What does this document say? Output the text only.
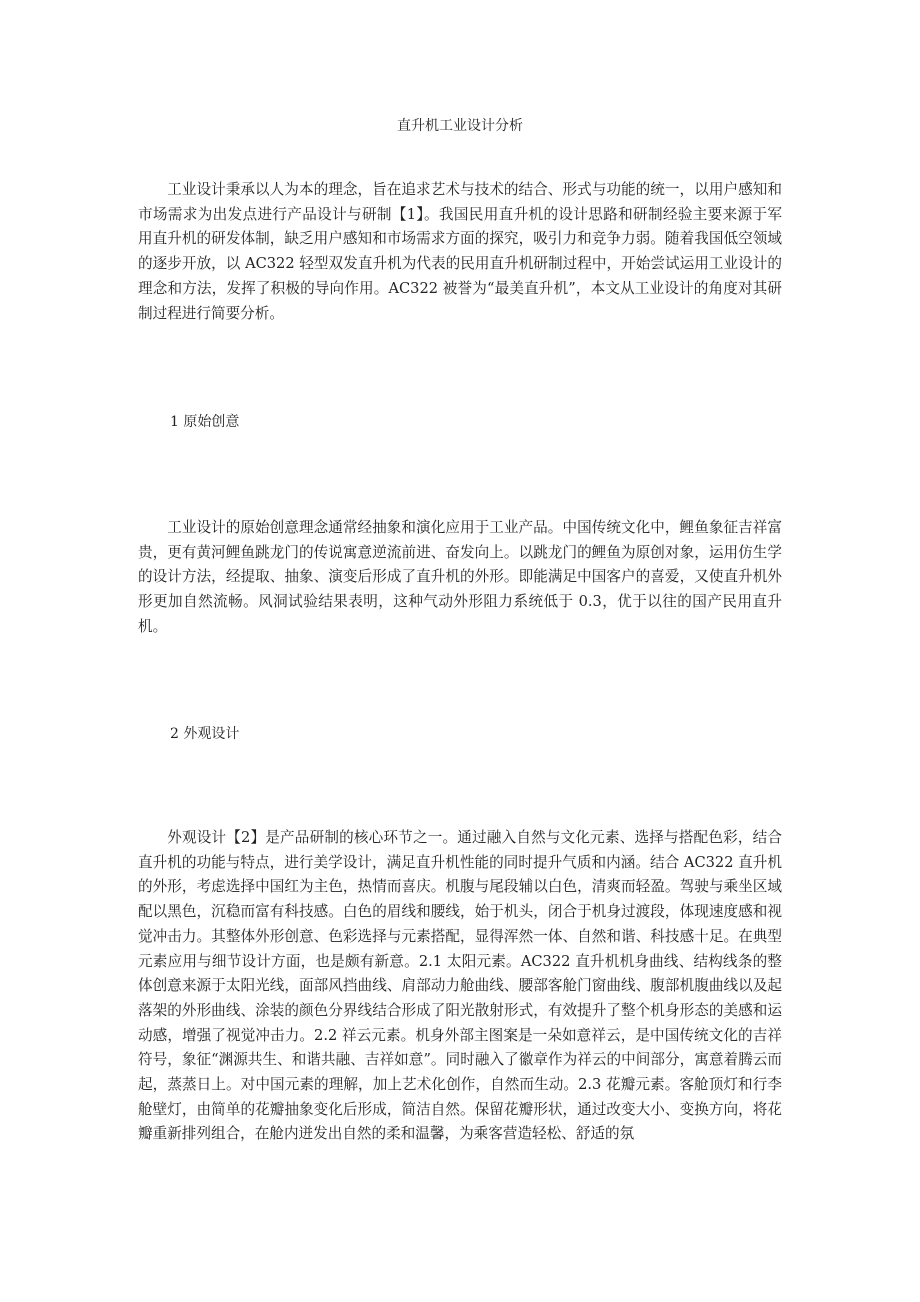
直升机工业设计分析

工业设计秉承以人为本的理念，旨在追求艺术与技术的结合、形式与功能的统一，以用户感知和市场需求为出发点进行产品设计与研制【1】。我国民用直升机的设计思路和研制经验主要来源于军用直升机的研发体制，缺乏用户感知和市场需求方面的探究，吸引力和竞争力弱。随着我国低空领域的逐步开放，以 AC322 轻型双发直升机为代表的民用直升机研制过程中，开始尝试运用工业设计的理念和方法，发挥了积极的导向作用。AC322 被誉为“最美直升机”，本文从工业设计的角度对其研制过程进行简要分析。

1 原始创意

工业设计的原始创意理念通常经抽象和演化应用于工业产品。中国传统文化中，鲤鱼象征吉祥富贵，更有黄河鲤鱼跳龙门的传说寓意逆流前进、奋发向上。以跳龙门的鲤鱼为原创对象，运用仿生学的设计方法，经提取、抽象、演变后形成了直升机的外形。即能满足中国客户的喜爱，又使直升机外形更加自然流畅。风洞试验结果表明，这种气动外形阻力系统低于 0.3，优于以往的国产民用直升机。

2 外观设计

外观设计【2】是产品研制的核心环节之一。通过融入自然与文化元素、选择与搭配色彩，结合直升机的功能与特点，进行美学设计，满足直升机性能的同时提升气质和内涵。结合 AC322 直升机的外形，考虑选择中国红为主色，热情而喜庆。机腹与尾段辅以白色，清爽而轻盈。驾驶与乘坐区域配以黑色，沉稳而富有科技感。白色的眉线和腰线，始于机头，闭合于机身过渡段，体现速度感和视觉冲击力。其整体外形创意、色彩选择与元素搭配，显得浑然一体、自然和谐、科技感十足。在典型元素应用与细节设计方面，也是颇有新意。2.1 太阳元素。AC322 直升机机身曲线、结构线条的整体创意来源于太阳光线，面部风挡曲线、肩部动力舱曲线、腰部客舱门窗曲线、腹部机腹曲线以及起落架的外形曲线、涂装的颜色分界线结合形成了阳光散射形式，有效提升了整个机身形态的美感和运动感，增强了视觉冲击力。2.2 祥云元素。机身外部主图案是一朵如意祥云，是中国传统文化的吉祥符号，象征“渊源共生、和谐共融、吉祥如意”。同时融入了徽章作为祥云的中间部分，寓意着腾云而起，蒸蒸日上。对中国元素的理解，加上艺术化创作，自然而生动。2.3 花瓣元素。客舱顶灯和行李舱壁灯，由简单的花瓣抽象变化后形成，简洁自然。保留花瓣形状，通过改变大小、变换方向，将花瓣重新排列组合，在舱内迸发出自然的柔和温馨，为乘客营造轻松、舒适的氛
